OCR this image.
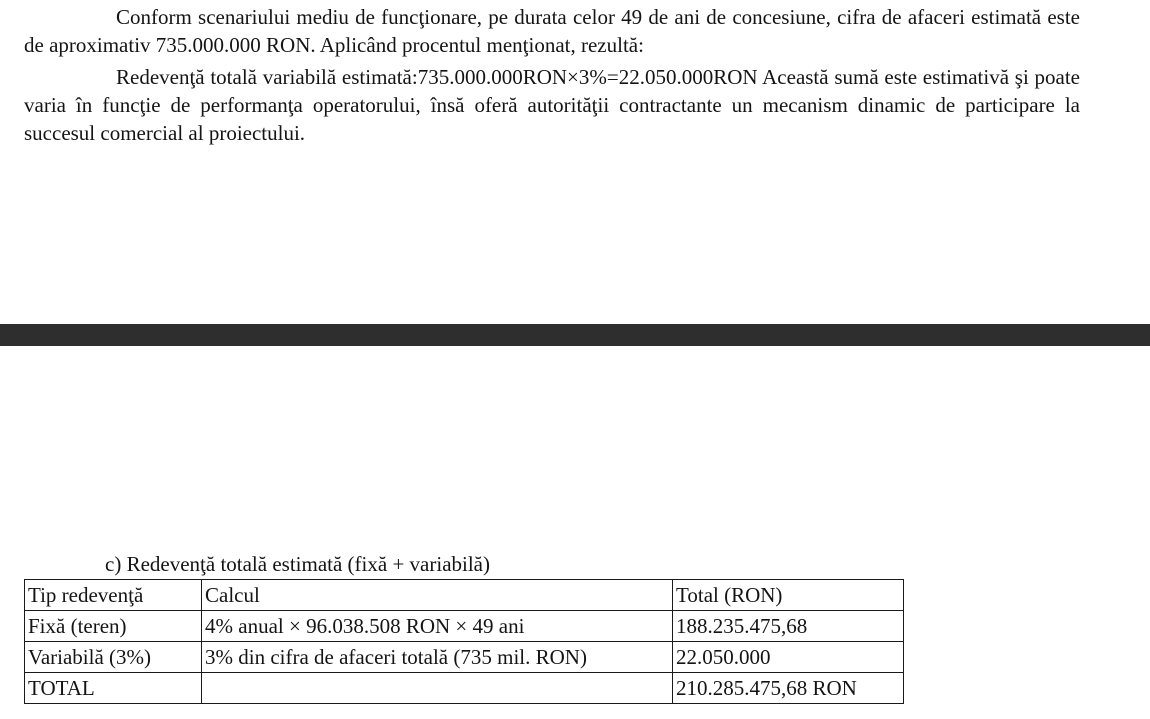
Conform scenariului mediu de funcţionare, pe durata celor 49 de ani de concesiune, cifra de afaceri estimată este de aproximativ 735.000.000 RON. Aplicând procentul menţionat, rezultă:

Redevenţă totală variabilă estimată:735.000.000RON×3%=22.050.000RON Această sumă este estimativă şi poate varia în funcţie de performanţa operatorului, însă oferă autorităţii contractante un mecanism dinamic de participare la succesul comercial al proiectului.

c) Redevenţă totală estimată (fixă + variabilă)

Tip redevenţă	Calcul	Total (RON)
Fixă (teren)	4% anual × 96.038.508 RON × 49 ani	188.235.475,68
Variabilă (3%)	3% din cifra de afaceri totală (735 mil. RON)	22.050.000
TOTAL		210.285.475,68 RON
